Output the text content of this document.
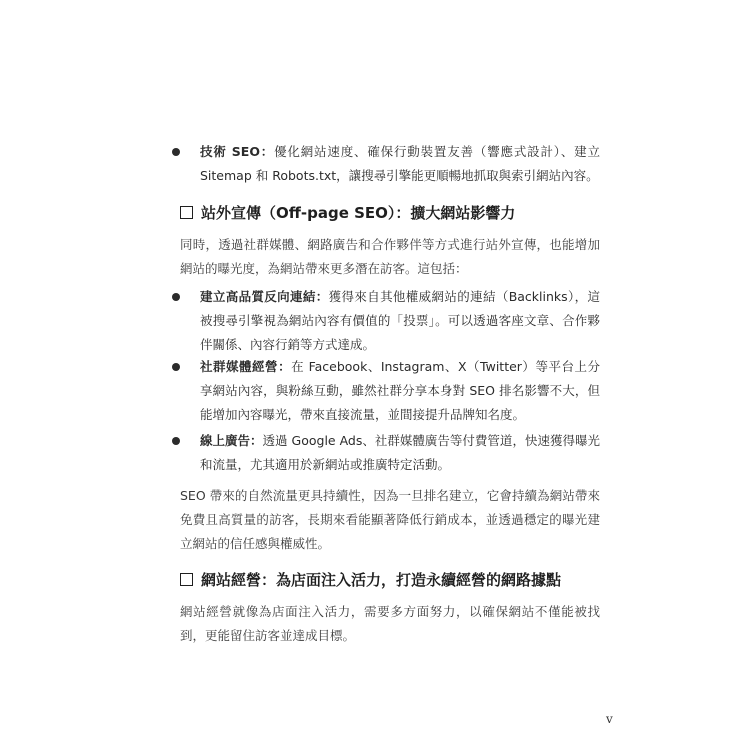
技術 SEO：優化網站速度、確保行動裝置友善（響應式設計）、建立 Sitemap 和 Robots.txt，讓搜尋引擎能更順暢地抓取與索引網站內容。
站外宣傳（Off-page SEO）：擴大網站影響力
同時，透過社群媒體、網路廣告和合作夥伴等方式進行站外宣傳，也能增加網站的曝光度，為網站帶來更多潛在訪客。這包括：
建立高品質反向連結：獲得來自其他權威網站的連結（Backlinks），這被搜尋引擎視為網站內容有價值的「投票」。可以透過客座文章、合作夥伴關係、內容行銷等方式達成。
社群媒體經營：在 Facebook、Instagram、X（Twitter）等平台上分享網站內容，與粉絲互動，雖然社群分享本身對 SEO 排名影響不大，但能增加內容曝光，帶來直接流量，並間接提升品牌知名度。
線上廣告：透過 Google Ads、社群媒體廣告等付費管道，快速獲得曝光和流量，尤其適用於新網站或推廣特定活動。
SEO 帶來的自然流量更具持續性，因為一旦排名建立，它會持續為網站帶來免費且高質量的訪客，長期來看能顯著降低行銷成本，並透過穩定的曝光建立網站的信任感與權威性。
網站經營：為店面注入活力，打造永續經營的網路據點
網站經營就像為店面注入活力，需要多方面努力，以確保網站不僅能被找到，更能留住訪客並達成目標。
v
